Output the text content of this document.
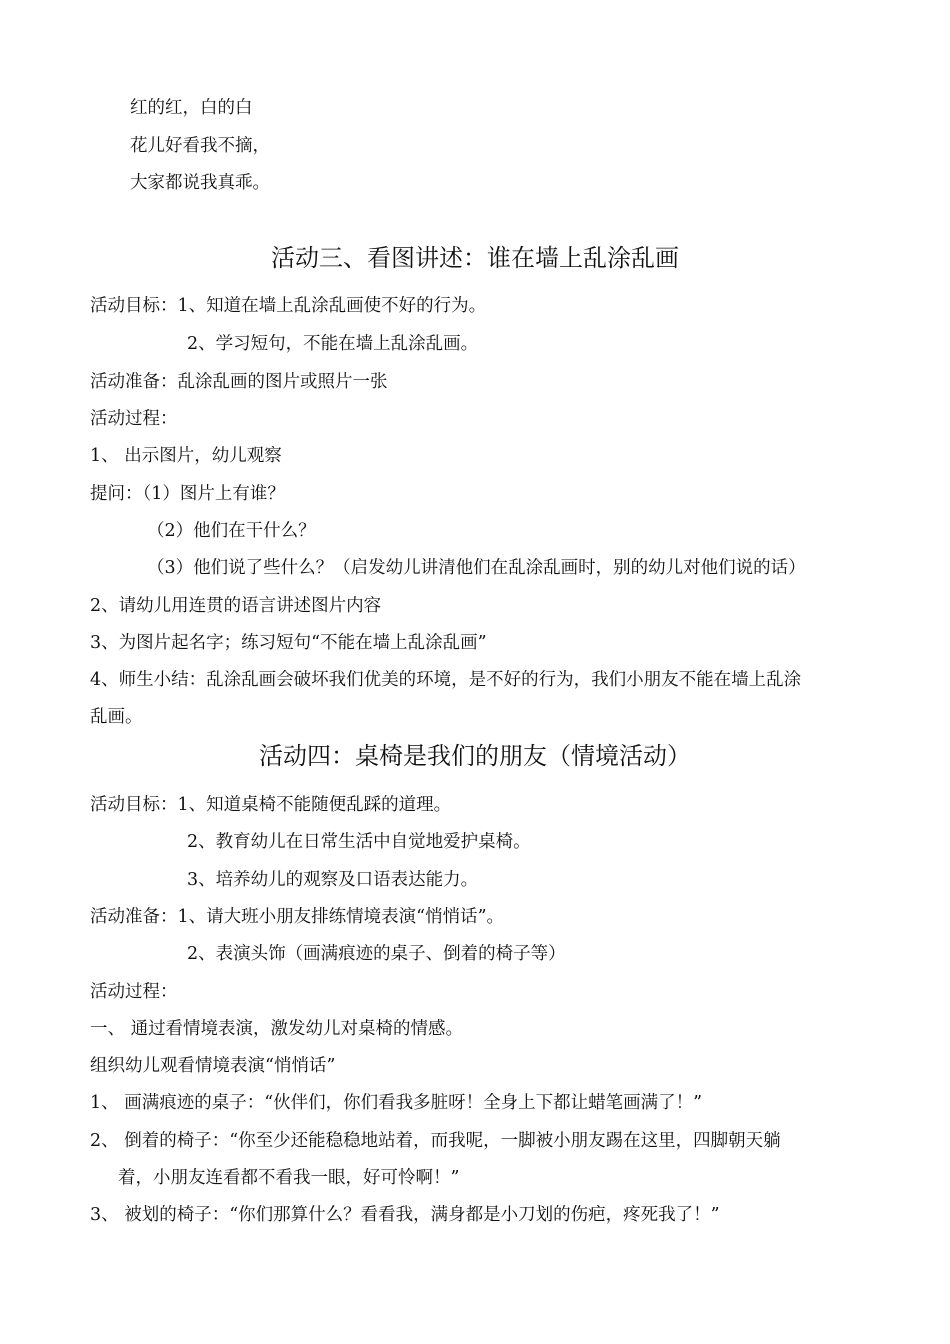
红的红，白的白
花儿好看我不摘，
大家都说我真乖。
活动三、看图讲述：谁在墙上乱涂乱画
活动目标：1、知道在墙上乱涂乱画使不好的行为。
2、学习短句，不能在墙上乱涂乱画。
活动准备：乱涂乱画的图片或照片一张
活动过程：
1、 出示图片，幼儿观察
提问：（1）图片上有谁？
（2）他们在干什么？
（3）他们说了些什么？（启发幼儿讲清他们在乱涂乱画时，别的幼儿对他们说的话）
2、请幼儿用连贯的语言讲述图片内容
3、为图片起名字；练习短句“不能在墙上乱涂乱画”
4、师生小结：乱涂乱画会破坏我们优美的环境，是不好的行为，我们小朋友不能在墙上乱涂
乱画。
活动四：桌椅是我们的朋友（情境活动）
活动目标：1、知道桌椅不能随便乱踩的道理。
2、教育幼儿在日常生活中自觉地爱护桌椅。
3、培养幼儿的观察及口语表达能力。
活动准备：1、请大班小朋友排练情境表演“悄悄话”。
2、表演头饰（画满痕迹的桌子、倒着的椅子等）
活动过程：
一、 通过看情境表演，激发幼儿对桌椅的情感。
组织幼儿观看情境表演“悄悄话”
1、 画满痕迹的桌子：“伙伴们，你们看我多脏呀！全身上下都让蜡笔画满了！”
2、 倒着的椅子：“你至少还能稳稳地站着，而我呢，一脚被小朋友踢在这里，四脚朝天躺
着，小朋友连看都不看我一眼，好可怜啊！”
3、 被划的椅子：“你们那算什么？看看我，满身都是小刀划的伤疤，疼死我了！”
